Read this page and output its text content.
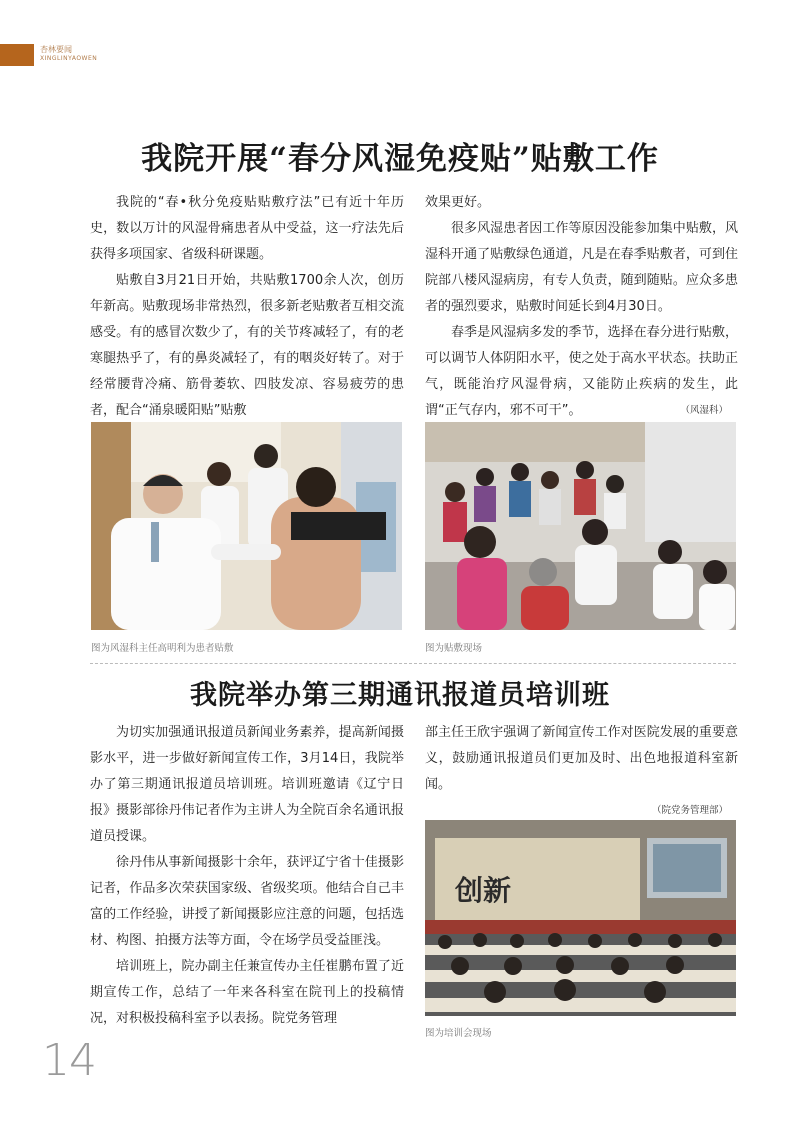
杏林要闻
XINGLINYAOWEN
我院开展“春分风湿免疫贴”贴敷工作

我院的“春•秋分免疫贴贴敷疗法”已有近十年历史，数以万计的风湿骨痛患者从中受益，这一疗法先后获得多项国家、省级科研课题。

贴敷自3月21日开始，共贴敷1700余人次，创历年新高。贴敷现场非常热烈，很多新老贴敷者互相交流感受。有的感冒次数少了，有的关节疼减轻了，有的老寒腿热乎了，有的鼻炎减轻了，有的咽炎好转了。对于经常腰背冷痛、筋骨萎软、四肢发凉、容易疲劳的患者，配合“涌泉暖阳贴”贴敷

效果更好。

很多风湿患者因工作等原因没能参加集中贴敷，风湿科开通了贴敷绿色通道，凡是在春季贴敷者，可到住院部八楼风湿病房，有专人负责，随到随贴。应众多患者的强烈要求，贴敷时间延长到4月30日。

春季是风湿病多发的季节，选择在春分进行贴敷，可以调节人体阴阳水平，使之处于高水平状态。扶助正气，既能治疗风湿骨病，又能防止疾病的发生，此谓“正气存内，邪不可干”。	（风湿科）

图为风湿科主任高明利为患者贴敷	图为贴敷现场
我院举办第三期通讯报道员培训班

为切实加强通讯报道员新闻业务素养，提高新闻摄影水平，进一步做好新闻宣传工作，3月14日，我院举办了第三期通讯报道员培训班。培训班邀请《辽宁日报》摄影部徐丹伟记者作为主讲人为全院百余名通讯报道员授课。

徐丹伟从事新闻摄影十余年，获评辽宁省十佳摄影记者，作品多次荣获国家级、省级奖项。他结合自己丰富的工作经验，讲授了新闻摄影应注意的问题，包括选材、构图、拍摄方法等方面，令在场学员受益匪浅。

培训班上，院办副主任兼宣传办主任崔鹏布置了近期宣传工作，总结了一年来各科室在院刊上的投稿情况，对积极投稿科室予以表扬。院党务管理

部主任王欣宇强调了新闻宣传工作对医院发展的重要意义，鼓励通讯报道员们更加及时、出色地报道科室新闻。

（院党务管理部）

创新
图为培训会现场
14
